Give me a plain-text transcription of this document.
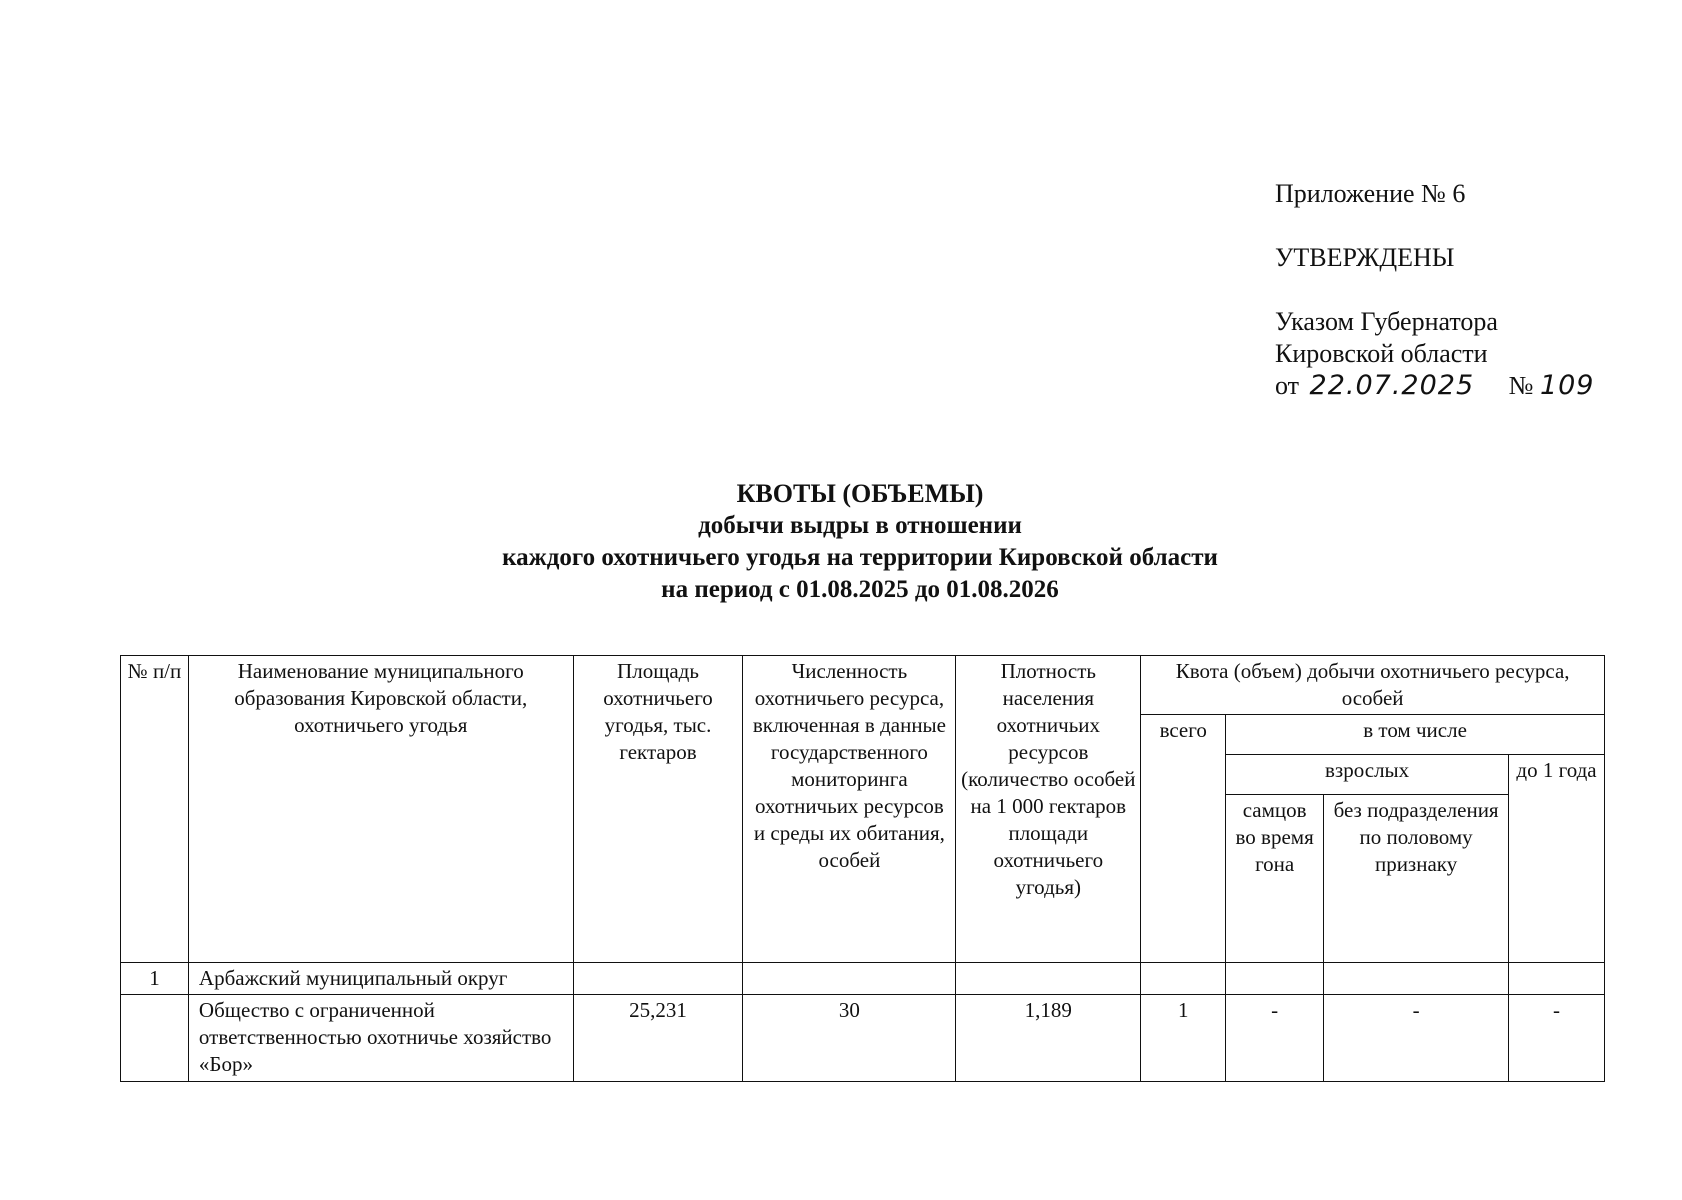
Приложение № 6
УТВЕРЖДЕНЫ
Указом Губернатора
Кировской области
от 22.07.2025 № 109
КВОТЫ (ОБЪЕМЫ)
добычи выдры в отношении
каждого охотничьего угодья на территории Кировской области
на период с 01.08.2025 до 01.08.2026
№ п/п	Наименование муниципального образования Кировской области, охотничьего угодья	Площадь охотничьего угодья, тыс. гектаров	Численность охотничьего ресурса, включенная в данные государственного мониторинга охотничьих ресурсов и среды их обитания, особей	Плотность населения охотничьих ресурсов (количество особей на 1 000 гектаров площади охотничьего угодья)	Квота (объем) добычи охотничьего ресурса, особей			
					всего	в том числе		
						взрослых		до 1 года
						самцов во время гона	без подразделения по половому признаку	
1	Арбажский муниципальный округ							
	Общество с ограниченной ответственностью охотничье хозяйство «Бор»	25,231	30	1,189	1	-	-	-
